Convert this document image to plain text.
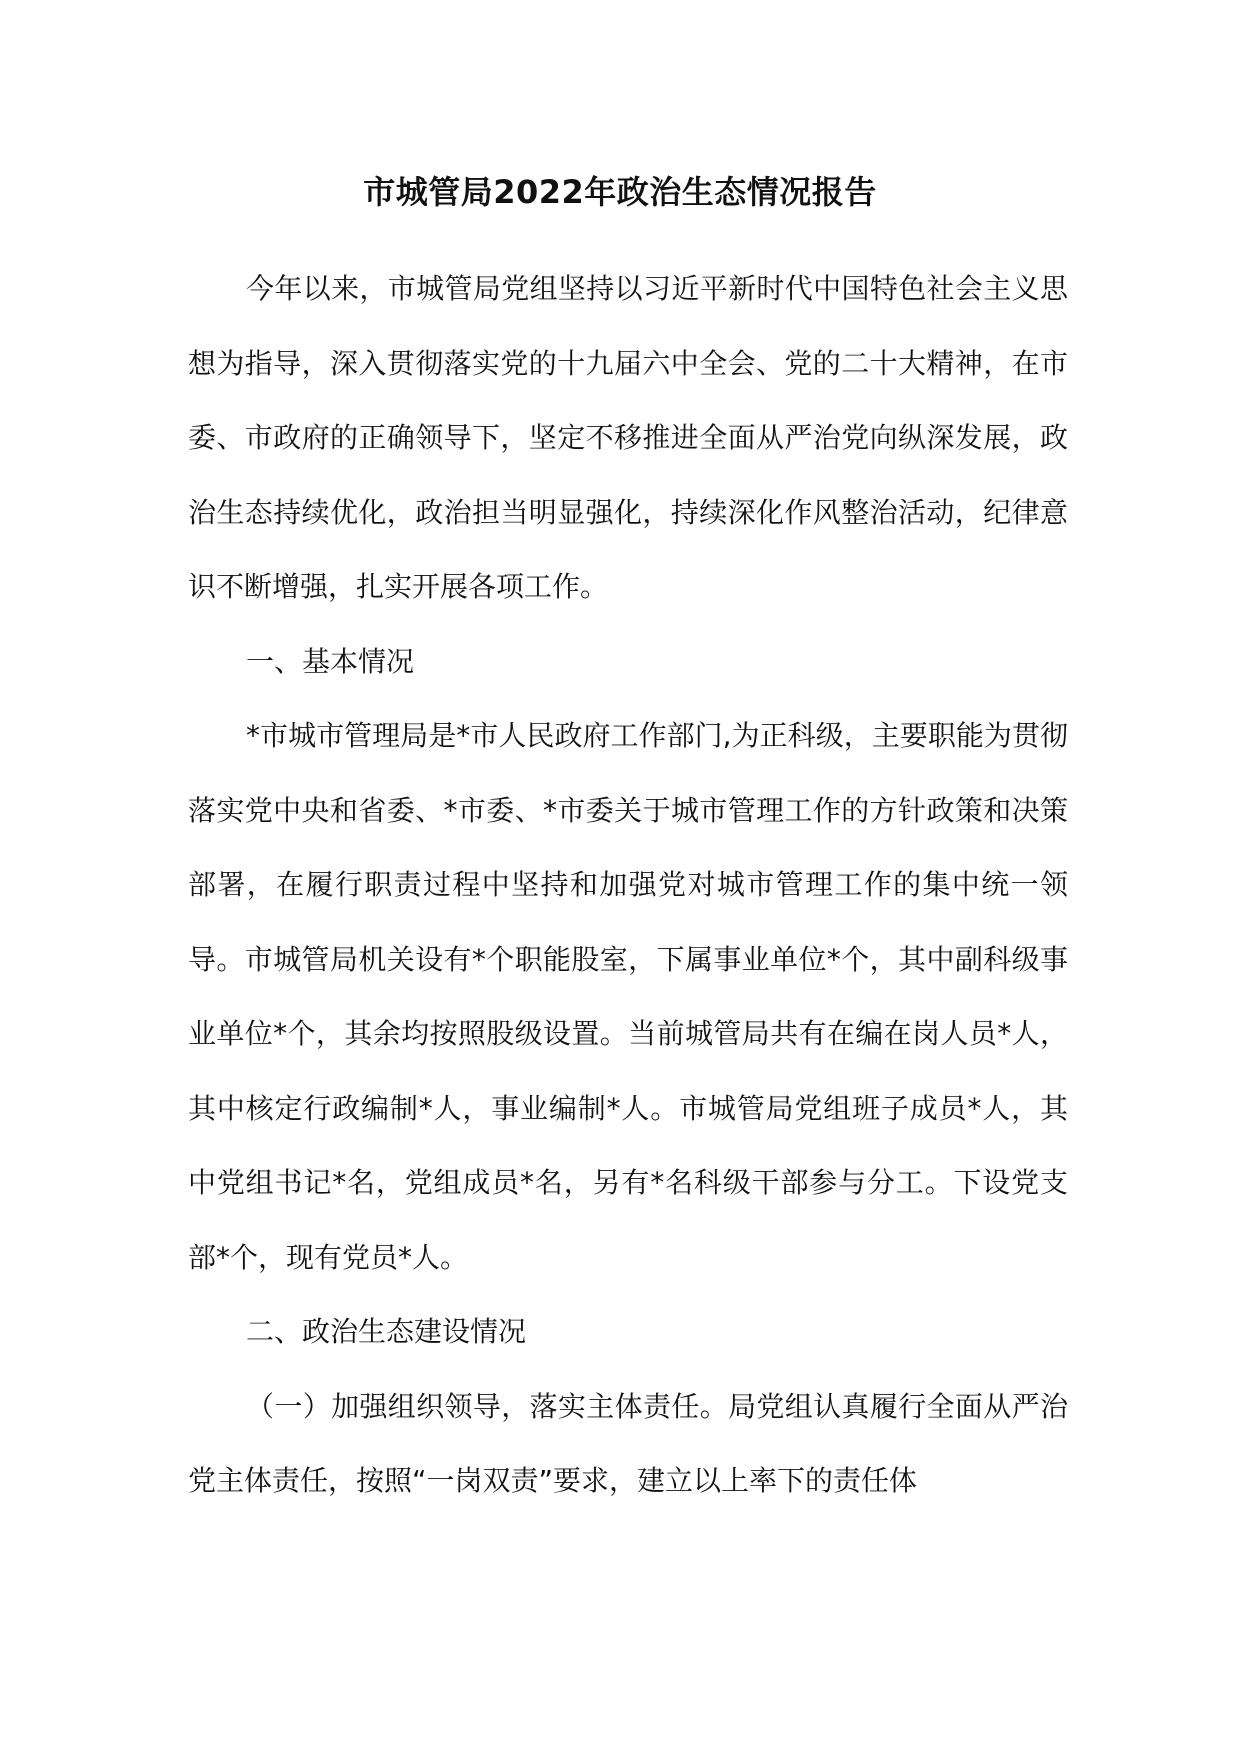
市城管局2022年政治生态情况报告

今年以来，市城管局党组坚持以习近平新时代中国特色社会主义思想为指导，深入贯彻落实党的十九届六中全会、党的二十大精神，在市委、市政府的正确领导下，坚定不移推进全面从严治党向纵深发展，政治生态持续优化，政治担当明显强化，持续深化作风整治活动，纪律意识不断增强，扎实开展各项工作。

一、基本情况

*市城市管理局是*市人民政府工作部门,为正科级，主要职能为贯彻落实党中央和省委、*市委、*市委关于城市管理工作的方针政策和决策部署，在履行职责过程中坚持和加强党对城市管理工作的集中统一领导。市城管局机关设有*个职能股室，下属事业单位*个，其中副科级事业单位*个，其余均按照股级设置。当前城管局共有在编在岗人员*人，其中核定行政编制*人，事业编制*人。市城管局党组班子成员*人，其中党组书记*名，党组成员*名，另有*名科级干部参与分工。下设党支部*个，现有党员*人。

二、政治生态建设情况

（一）加强组织领导，落实主体责任。局党组认真履行全面从严治党主体责任，按照“一岗双责”要求，建立以上率下的责任体
